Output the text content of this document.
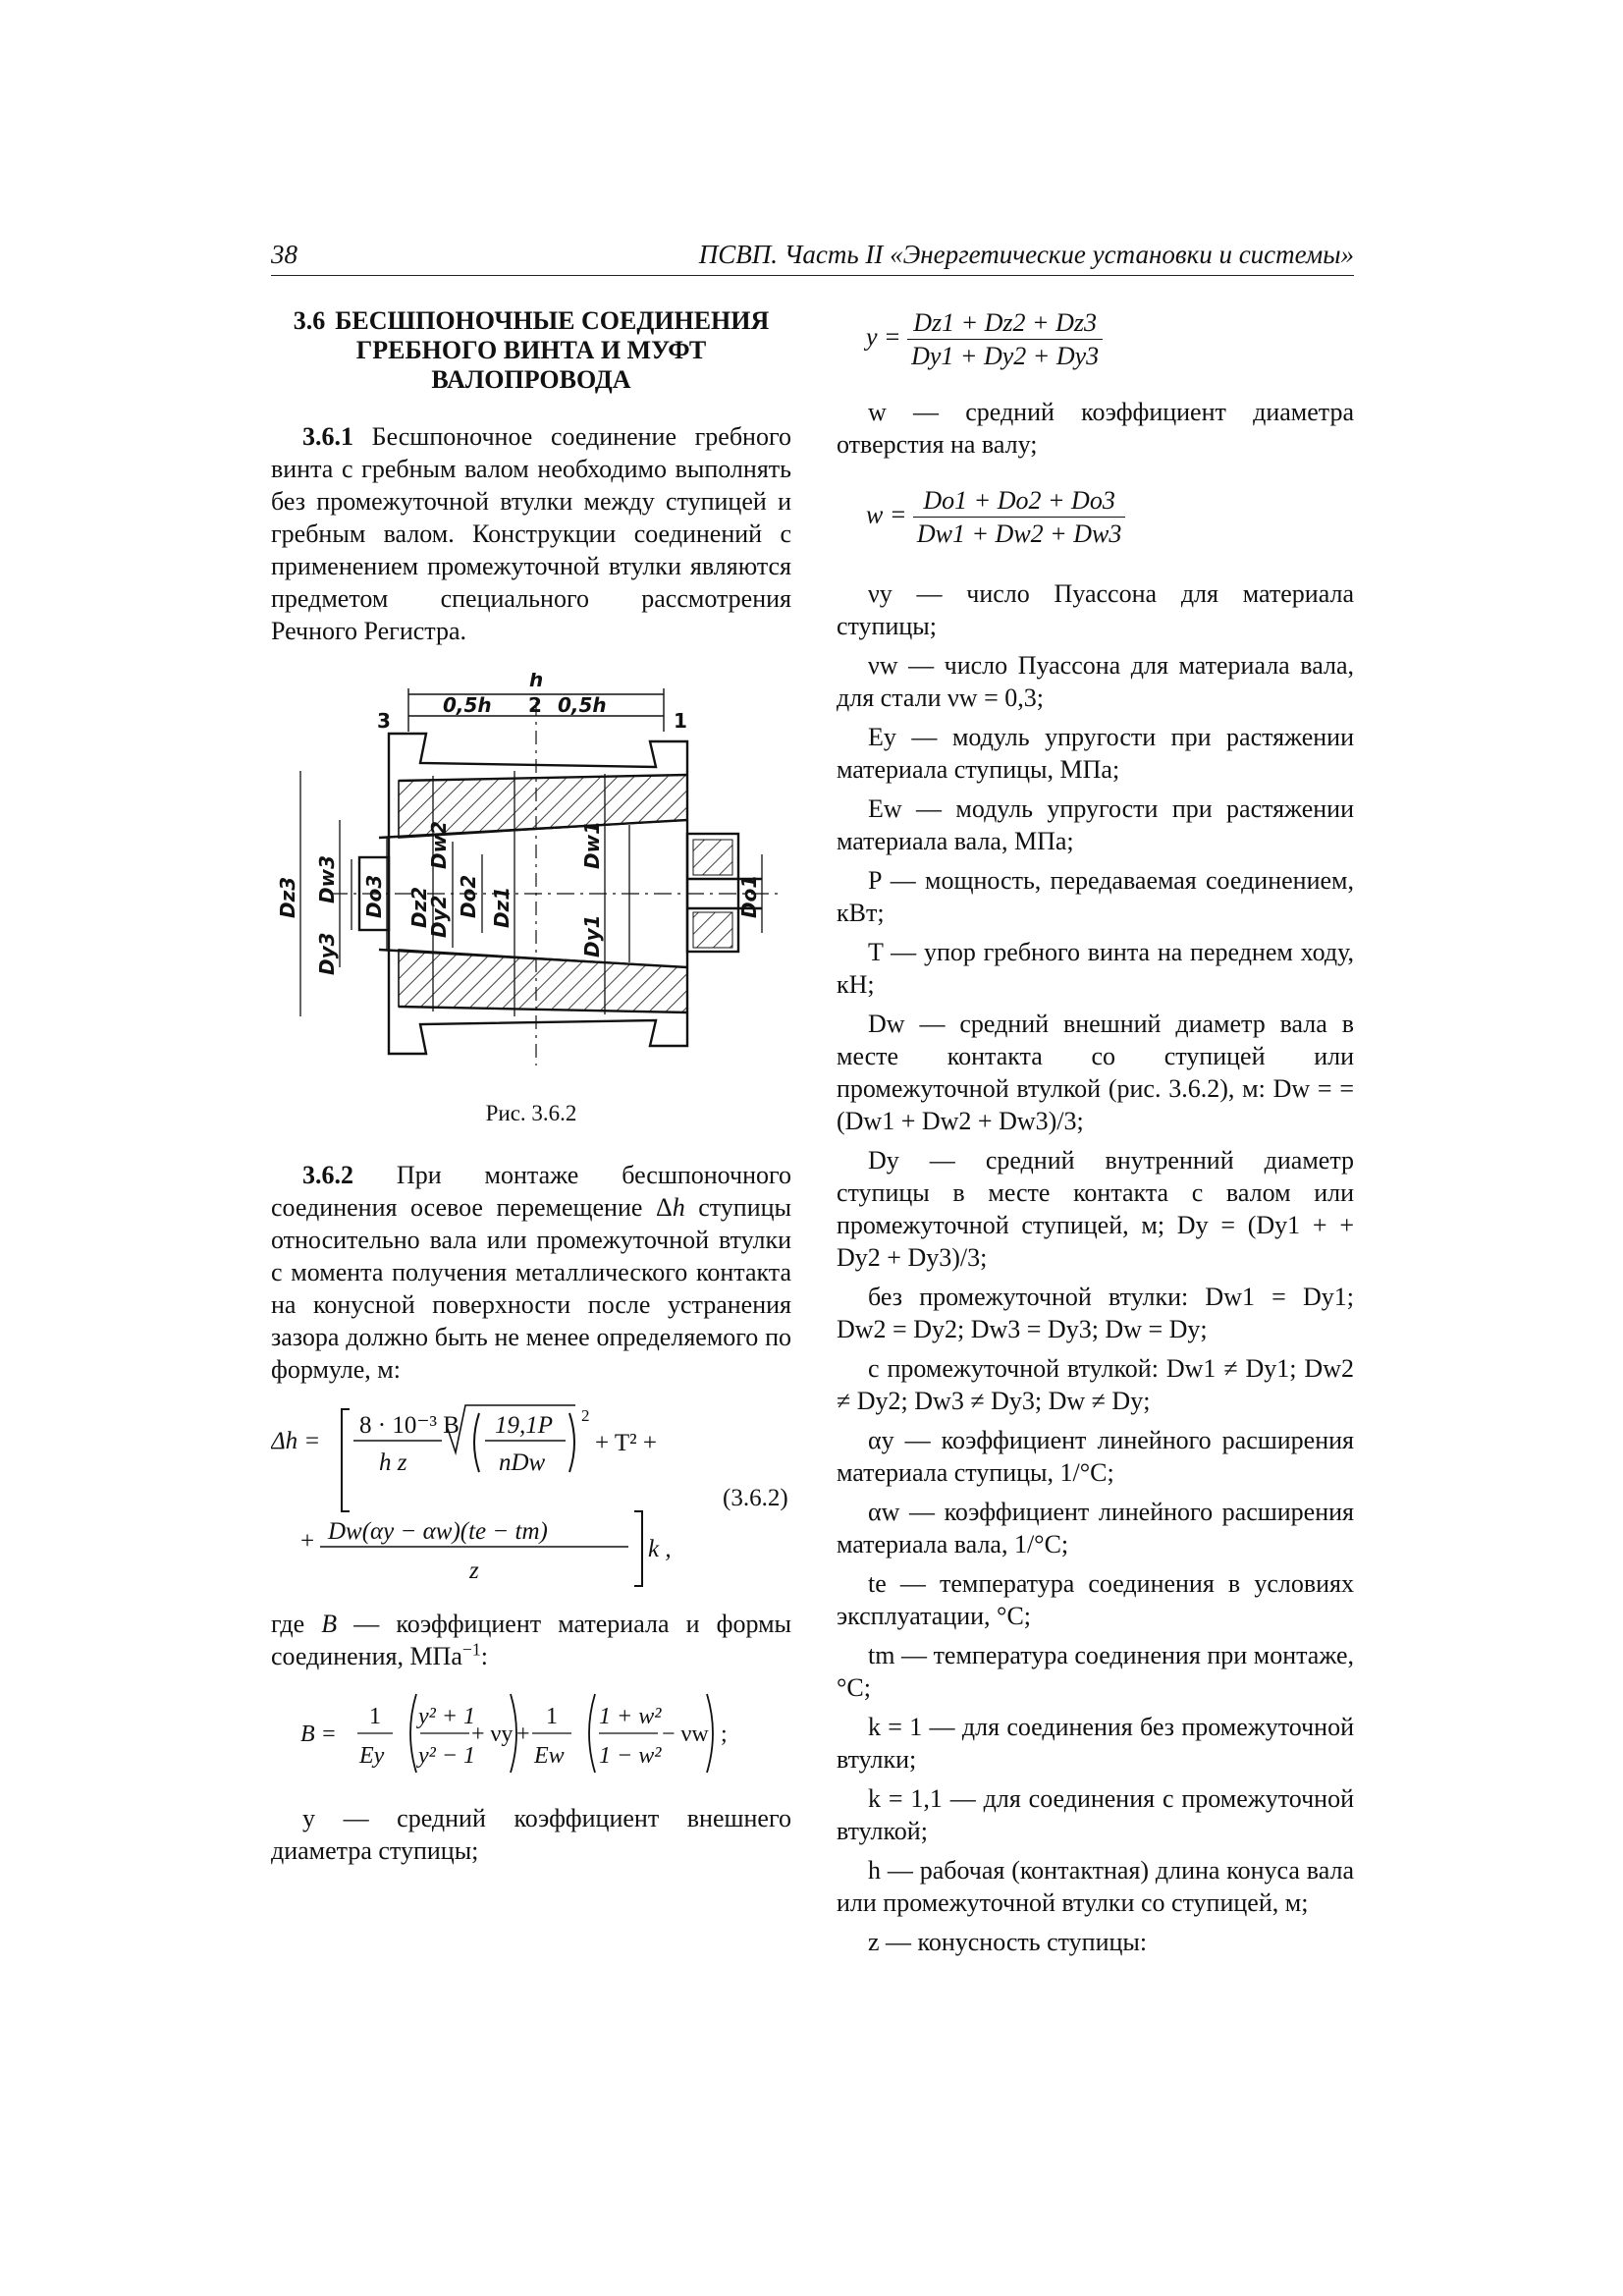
38	ПСВП. Часть II «Энергетические установки и системы»
3.6 БЕСШПОНОЧНЫЕ СОЕДИНЕНИЯ
ГРЕБНОГО ВИНТА И МУФТ
ВАЛОПРОВОДА

3.6.1 Бесшпоночное соединение гребного винта с гребным валом необходимо выполнять без промежуточной втулки между ступицей и гребным валом. Конструкции соединений с применением промежуточной втулки являются предметом специального рассмотрения Речного Регистра.

h
0,5h	0,5h
2
3	1
Dz3 Dw3
Dy3
Do3 Dz2
Dw2
Dy2 Do2 Dz1
Dw1
Dy1
Do1
Рис. 3.6.2

3.6.2 При монтаже бесшпоночного соединения осевое перемещение Δh ступицы относительно вала или промежуточной втулки с момента получения металлического контакта на конусной поверхности после устранения зазора должно быть не менее определяемого по формуле, м:

Δh =
8 · 10⁻³ B
h z
19,1P
nDw
2
+ T² +
+ Dw(αy − αw)(te − tm)
z
k ,
(3.6.2)

где B — коэффициент материала и формы соединения, МПа$^{-1}$:

B =
1
Ey
y² + 1
y² − 1
+ νy +
1
Ew
1 + w²
1 − w²
− νw ;

y — средний коэффициент внешнего диаметра ступицы;

$y = \frac{Dz1 + Dz2 + Dz3}{Dy1 + Dy2 + Dy3}$

w — средний коэффициент диаметра отверстия на валу;

$w = \frac{Do1 + Do2 + Do3}{Dw1 + Dw2 + Dw3}$

νy — число Пуассона для материала ступицы;

νw — число Пуассона для материала вала, для стали νw = 0,3;

Ey — модуль упругости при растяжении материала ступицы, МПа;

Ew — модуль упругости при растяжении материала вала, МПа;

P — мощность, передаваемая соединением, кВт;

T — упор гребного винта на переднем ходу, кН;

Dw — средний внешний диаметр вала в месте контакта со ступицей или промежуточной втулкой (рис. 3.6.2), м: Dw = = (Dw1 + Dw2 + Dw3)/3;

Dy — средний внутренний диаметр ступицы в месте контакта с валом или промежуточной ступицей, м; Dy = (Dy1 + + Dy2 + Dy3)/3;

без промежуточной втулки: Dw1 = Dy1; Dw2 = Dy2; Dw3 = Dy3; Dw = Dy;

с промежуточной втулкой: Dw1 ≠ Dy1; Dw2 ≠ Dy2; Dw3 ≠ Dy3; Dw ≠ Dy;

αy — коэффициент линейного расширения материала ступицы, 1/°C;

αw — коэффициент линейного расширения материала вала, 1/°C;

te — температура соединения в условиях эксплуатации, °C;

tm — температура соединения при монтаже, °C;

k = 1 — для соединения без промежуточной втулки;

k = 1,1 — для соединения с промежуточной втулкой;

h — рабочая (контактная) длина конуса вала или промежуточной втулки со ступицей, м;

z — конусность ступицы:
